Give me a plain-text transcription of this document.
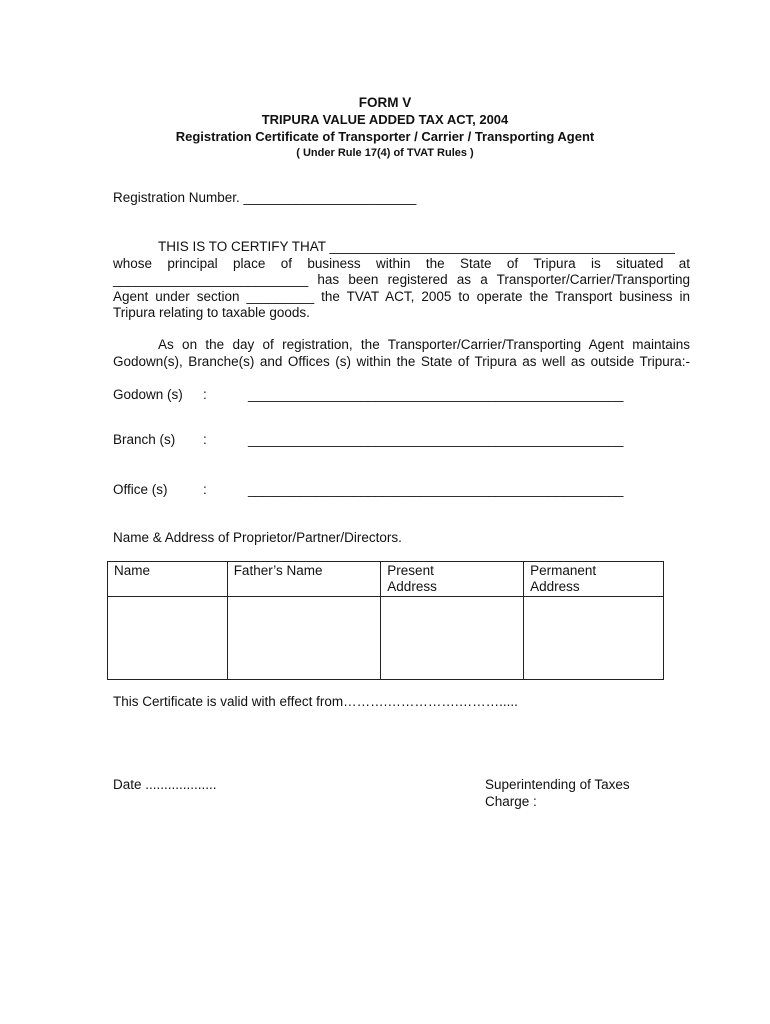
FORM V
TRIPURA VALUE ADDED TAX ACT, 2004
Registration Certificate of Transporter / Carrier / Transporting Agent
( Under Rule 17(4) of TVAT Rules )
Registration Number. _______________________
THIS IS TO CERTIFY THAT ______________________________________________
whose principal place of business within the State of Tripura is situated at
__________________________ has been registered as a Transporter/Carrier/Transporting
Agent under section _________ the TVAT ACT, 2005 to operate the Transport business in
Tripura relating to taxable goods.
As on the day of registration, the Transporter/Carrier/Transporting Agent maintains
Godown(s), Branche(s) and Offices (s) within the State of Tripura as well as outside Tripura:-
Godown (s) :	__________________________________________________
Branch (s) :	__________________________________________________
Office (s)	:	__________________________________________________
Name & Address of Proprietor/Partner/Directors.
Name	Father’s Name	Present Address	Permanent Address

This Certificate is valid with effect from……….…………….……….....
Date ...................	Superintending of Taxes
Charge :
